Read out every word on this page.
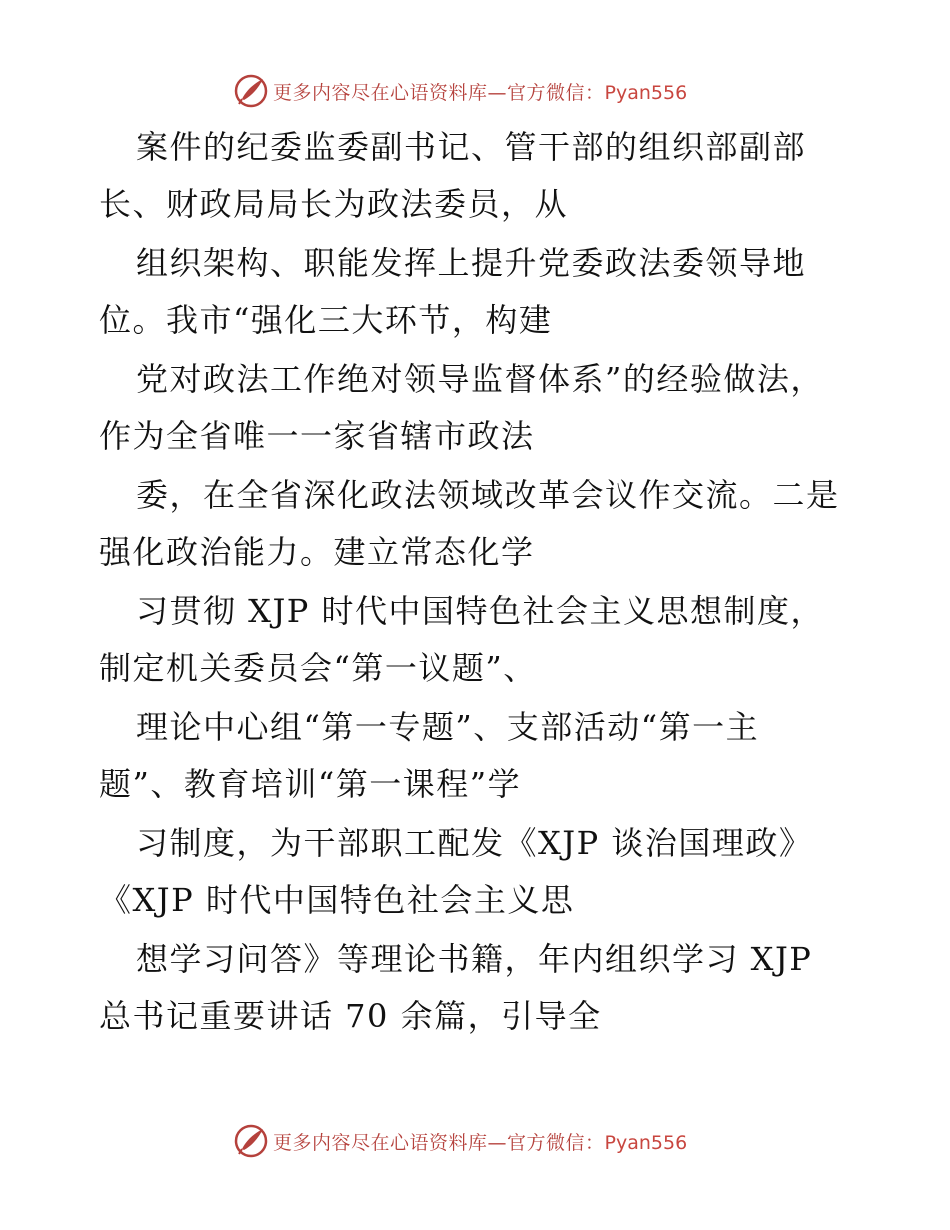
更多内容尽在心语资料库—官方微信：Pyan556
案件的纪委监委副书记、管干部的组织部副部
长、财政局局长为政法委员，从
组织架构、职能发挥上提升党委政法委领导地
位。我市“强化三大环节，构建
党对政法工作绝对领导监督体系”的经验做法，
作为全省唯一一家省辖市政法
委，在全省深化政法领域改革会议作交流。二是
强化政治能力。建立常态化学
习贯彻 XJP 时代中国特色社会主义思想制度，
制定机关委员会“第一议题”、
理论中心组“第一专题”、支部活动“第一主
题”、教育培训“第一课程”学
习制度，为干部职工配发《XJP 谈治国理政》
《XJP 时代中国特色社会主义思
想学习问答》等理论书籍，年内组织学习 XJP
总书记重要讲话 70 余篇，引导全
更多内容尽在心语资料库—官方微信：Pyan556
